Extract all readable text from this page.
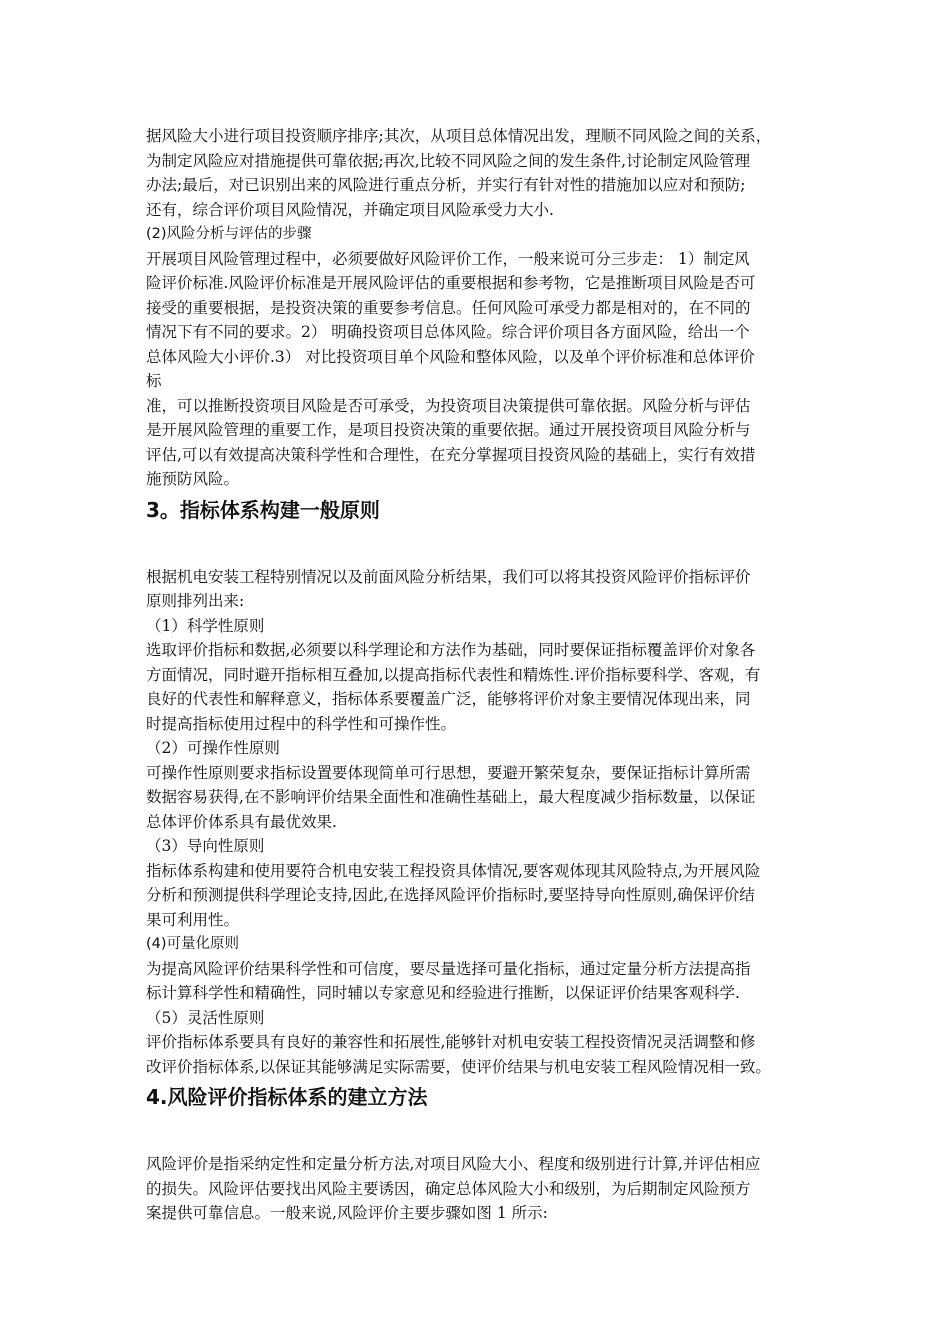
据风险大小进行项目投资顺序排序;其次，从项目总体情况出发，理顺不同风险之间的关系，
为制定风险应对措施提供可靠依据;再次,比较不同风险之间的发生条件,讨论制定风险管理
办法;最后，对已识别出来的风险进行重点分析，并实行有针对性的措施加以应对和预防;
还有，综合评价项目风险情况，并确定项目风险承受力大小.
(2)风险分析与评估的步骤
开展项目风险管理过程中，必须要做好风险评价工作，一般来说可分三步走： 1）制定风
险评价标准.风险评价标准是开展风险评估的重要根据和参考物，它是推断项目风险是否可
接受的重要根据，是投资决策的重要参考信息。任何风险可承受力都是相对的，在不同的
情况下有不同的要求。2） 明确投资项目总体风险。综合评价项目各方面风险，给出一个
总体风险大小评价.3） 对比投资项目单个风险和整体风险，以及单个评价标准和总体评价
标
准，可以推断投资项目风险是否可承受，为投资项目决策提供可靠依据。风险分析与评估
是开展风险管理的重要工作，是项目投资决策的重要依据。通过开展投资项目风险分析与
评估,可以有效提高决策科学性和合理性，在充分掌握项目投资风险的基础上，实行有效措
施预防风险。
3。指标体系构建一般原则
根据机电安装工程特别情况以及前面风险分析结果，我们可以将其投资风险评价指标评价
原则排列出来:
（1）科学性原则
选取评价指标和数据,必须要以科学理论和方法作为基础，同时要保证指标覆盖评价对象各
方面情况，同时避开指标相互叠加,以提高指标代表性和精炼性.评价指标要科学、客观，有
良好的代表性和解释意义，指标体系要覆盖广泛，能够将评价对象主要情况体现出来，同
时提高指标使用过程中的科学性和可操作性。
（2）可操作性原则
可操作性原则要求指标设置要体现简单可行思想，要避开繁荣复杂，要保证指标计算所需
数据容易获得,在不影响评价结果全面性和准确性基础上，最大程度减少指标数量，以保证
总体评价体系具有最优效果.
（3）导向性原则
指标体系构建和使用要符合机电安装工程投资具体情况,要客观体现其风险特点,为开展风险
分析和预测提供科学理论支持,因此,在选择风险评价指标时,要坚持导向性原则,确保评价结
果可利用性。
(4)可量化原则
为提高风险评价结果科学性和可信度，要尽量选择可量化指标，通过定量分析方法提高指
标计算科学性和精确性，同时辅以专家意见和经验进行推断，以保证评价结果客观科学.
（5）灵活性原则
评价指标体系要具有良好的兼容性和拓展性,能够针对机电安装工程投资情况灵活调整和修
改评价指标体系,以保证其能够满足实际需要，使评价结果与机电安装工程风险情况相一致。
4.风险评价指标体系的建立方法
风险评价是指采纳定性和定量分析方法,对项目风险大小、程度和级别进行计算,并评估相应
的损失。风险评估要找出风险主要诱因，确定总体风险大小和级别，为后期制定风险预方
案提供可靠信息。一般来说,风险评价主要步骤如图 1 所示:
